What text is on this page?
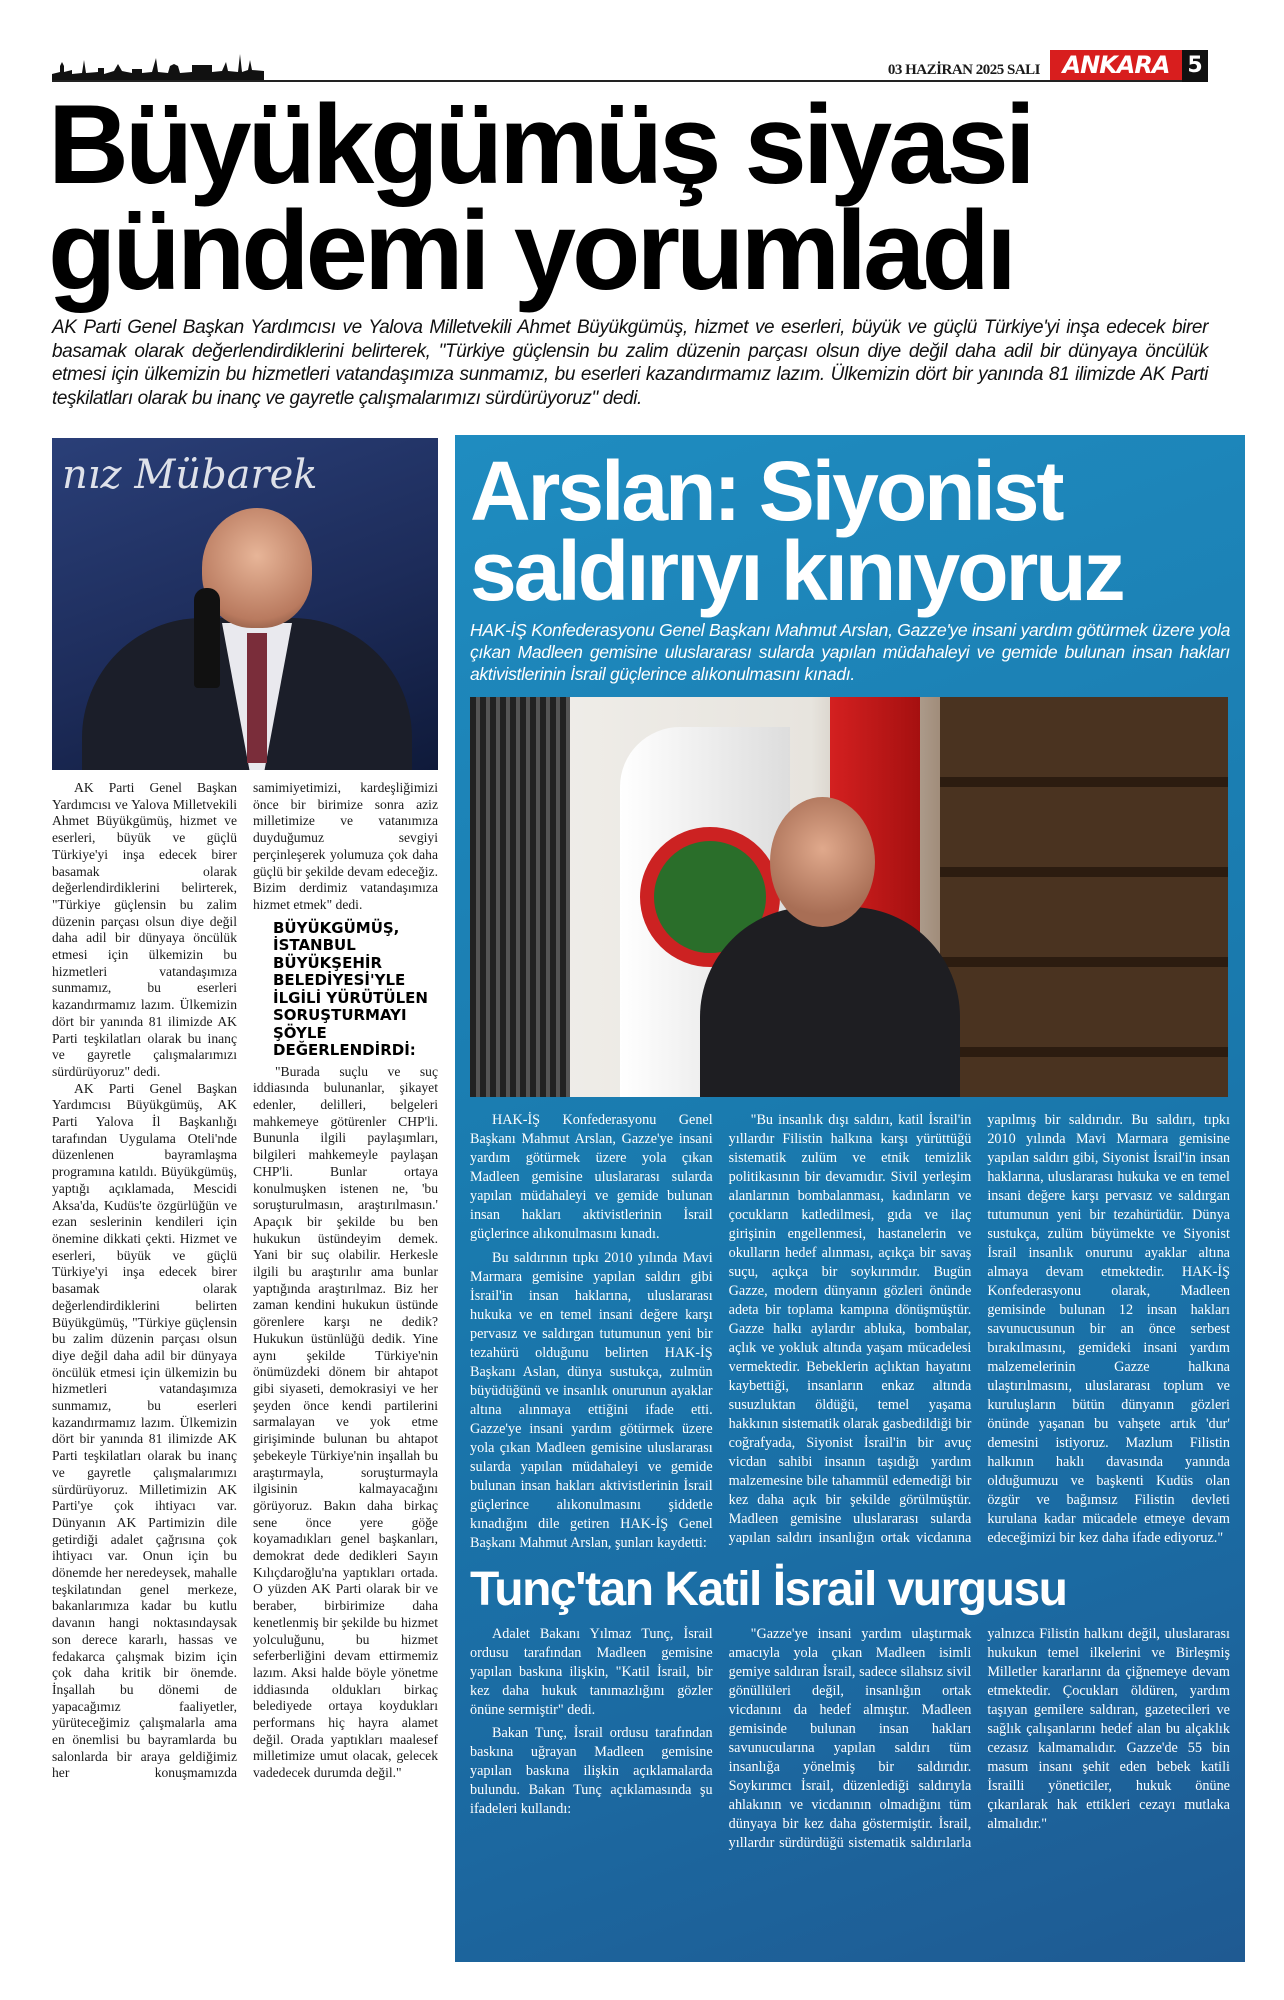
03 HAZİRAN 2025 SALI ANKARA 5
Büyükgümüş siyasi gündemi yorumladı

AK Parti Genel Başkan Yardımcısı ve Yalova Milletvekili Ahmet Büyükgümüş, hizmet ve eserleri, büyük ve güçlü Türkiye'yi inşa edecek birer basamak olarak değerlendirdiklerini belirterek, "Türkiye güçlensin bu zalim düzenin parçası olsun diye değil daha adil bir dünyaya öncülük etmesi için ülkemizin bu hizmetleri vatandaşımıza sunmamız, bu eserleri kazandırmamız lazım. Ülkemizin dört bir yanında 81 ilimizde AK Parti teşkilatları olarak bu inanç ve gayretle çalışmalarımızı sürdürüyoruz" dedi.

nız Mübarek

AK Parti Genel Başkan Yardımcısı ve Yalova Milletvekili Ahmet Büyükgümüş, hizmet ve eserleri, büyük ve güçlü Türkiye'yi inşa edecek birer basamak olarak değerlendirdiklerini belirterek, "Türkiye güçlensin bu zalim düzenin parçası olsun diye değil daha adil bir dünyaya öncülük etmesi için ülkemizin bu hizmetleri vatandaşımıza sunmamız, bu eserleri kazandırmamız lazım. Ülkemizin dört bir yanında 81 ilimizde AK Parti teşkilatları olarak bu inanç ve gayretle çalışmalarımızı sürdürüyoruz" dedi.

AK Parti Genel Başkan Yardımcısı Büyükgümüş, AK Parti Yalova İl Başkanlığı tarafından Uygulama Oteli'nde düzenlenen bayramlaşma programına katıldı. Büyükgümüş, yaptığı açıklamada, Mescidi Aksa'da, Kudüs'te özgürlüğün ve ezan seslerinin kendileri için önemine dikkati çekti. Hizmet ve eserleri, büyük ve güçlü Türkiye'yi inşa edecek birer basamak olarak değerlendirdiklerini belirten Büyükgümüş, "Türkiye güçlensin bu zalim düzenin parçası olsun diye değil daha adil bir dünyaya öncülük etmesi için ülkemizin bu hizmetleri vatandaşımıza sunmamız, bu eserleri kazandırmamız lazım. Ülkemizin dört bir yanında 81 ilimizde AK Parti teşkilatları olarak bu inanç ve gayretle çalışmalarımızı sürdürüyoruz. Milletimizin AK Parti'ye çok ihtiyacı var. Dünyanın AK Partimizin dile getirdiği adalet çağrısına çok ihtiyacı var. Onun için bu dönemde her neredeysek, mahalle teşkilatından genel merkeze, bakanlarımıza kadar bu kutlu davanın hangi noktasındaysak son derece kararlı, hassas ve fedakarca çalışmak bizim için çok daha kritik bir önemde. İnşallah bu dönemi de yapacağımız faaliyetler, yürüteceğimiz çalışmalarla ama en önemlisi bu bayramlarda bu salonlarda bir araya geldiğimiz her konuşmamızda samimiyetimizi, kardeşliğimizi önce bir birimize sonra aziz milletimize ve vatanımıza duyduğumuz sevgiyi perçinleşerek yolumuza çok daha güçlü bir şekilde devam edeceğiz. Bizim derdimiz vatandaşımıza hizmet etmek" dedi.

BÜYÜKGÜMÜŞ, İSTANBUL BÜYÜKŞEHİR BELEDİYESİ'YLE İLGİLİ YÜRÜTÜLEN SORUŞTURMAYI ŞÖYLE DEĞERLENDİRDİ:

"Burada suçlu ve suç iddiasında bulunanlar, şikayet edenler, delilleri, belgeleri mahkemeye götürenler CHP'li. Bununla ilgili paylaşımları, bilgileri mahkemeyle paylaşan CHP'li. Bunlar ortaya konulmuşken istenen ne, 'bu soruşturulmasın, araştırılmasın.' Apaçık bir şekilde bu ben hukukun üstündeyim demek. Yani bir suç olabilir. Herkesle ilgili bu araştırılır ama bunlar yaptığında araştırılmaz. Biz her zaman kendini hukukun üstünde görenlere karşı ne dedik? Hukukun üstünlüğü dedik. Yine aynı şekilde Türkiye'nin önümüzdeki dönem bir ahtapot gibi siyaseti, demokrasiyi ve her şeyden önce kendi partilerini sarmalayan ve yok etme girişiminde bulunan bu ahtapot şebekeyle Türkiye'nin inşallah bu araştırmayla, soruşturmayla ilgisinin kalmayacağını görüyoruz. Bakın daha birkaç sene önce yere göğe koyamadıkları genel başkanları, demokrat dede dedikleri Sayın Kılıçdaroğlu'na yaptıkları ortada. O yüzden AK Parti olarak bir ve beraber, birbirimize daha kenetlenmiş bir şekilde bu hizmet yolculuğunu, bu hizmet seferberliğini devam ettirmemiz lazım. Aksi halde böyle yönetme iddiasında oldukları birkaç belediyede ortaya koydukları performans hiç hayra alamet değil. Orada yaptıkları maalesef milletimize umut olacak, gelecek vadedecek durumda değil."

Arslan: Siyonist saldırıyı kınıyoruz

HAK-İŞ Konfederasyonu Genel Başkanı Mahmut Arslan, Gazze'ye insani yardım götürmek üzere yola çıkan Madleen gemisine uluslararası sularda yapılan müdahaleyi ve gemide bulunan insan hakları aktivistlerinin İsrail güçlerince alıkonulmasını kınadı.

HAK-İŞ Konfederasyonu Genel Başkanı Mahmut Arslan, Gazze'ye insani yardım götürmek üzere yola çıkan Madleen gemisine uluslararası sularda yapılan müdahaleyi ve gemide bulunan insan hakları aktivistlerinin İsrail güçlerince alıkonulmasını kınadı.

Bu saldırının tıpkı 2010 yılında Mavi Marmara gemisine yapılan saldırı gibi İsrail'in insan haklarına, uluslararası hukuka ve en temel insani değere karşı pervasız ve saldırgan tutumunun yeni bir tezahürü olduğunu belirten HAK-İŞ Başkanı Aslan, dünya sustukça, zulmün büyüdüğünü ve insanlık onurunun ayaklar altına alınmaya ettiğini ifade etti. Gazze'ye insani yardım götürmek üzere yola çıkan Madleen gemisine uluslararası sularda yapılan müdahaleyi ve gemide bulunan insan hakları aktivistlerinin İsrail güçlerince alıkonulmasını şiddetle kınadığını dile getiren HAK-İŞ Genel Başkanı Mahmut Arslan, şunları kaydetti:

"Bu insanlık dışı saldırı, katil İsrail'in yıllardır Filistin halkına karşı yürüttüğü sistematik zulüm ve etnik temizlik politikasının bir devamıdır. Sivil yerleşim alanlarının bombalanması, kadınların ve çocukların katledilmesi, gıda ve ilaç girişinin engellenmesi, hastanelerin ve okulların hedef alınması, açıkça bir savaş suçu, açıkça bir soykırımdır. Bugün Gazze, modern dünyanın gözleri önünde adeta bir toplama kampına dönüşmüştür. Gazze halkı aylardır abluka, bombalar, açlık ve yokluk altında yaşam mücadelesi vermektedir. Bebeklerin açlıktan hayatını kaybettiği, insanların enkaz altında susuzluktan öldüğü, temel yaşama hakkının sistematik olarak gasbedildiği bir coğrafyada, Siyonist İsrail'in bir avuç vicdan sahibi insanın taşıdığı yardım malzemesine bile tahammül edemediği bir kez daha açık bir şekilde görülmüştür. Madleen gemisine uluslararası sularda yapılan saldırı insanlığın ortak vicdanına yapılmış bir saldırıdır. Bu saldırı, tıpkı 2010 yılında Mavi Marmara gemisine yapılan saldırı gibi, Siyonist İsrail'in insan haklarına, uluslararası hukuka ve en temel insani değere karşı pervasız ve saldırgan tutumunun yeni bir tezahürüdür. Dünya sustukça, zulüm büyümekte ve Siyonist İsrail insanlık onurunu ayaklar altına almaya devam etmektedir. HAK-İŞ Konfederasyonu olarak, Madleen gemisinde bulunan 12 insan hakları savunucusunun bir an önce serbest bırakılmasını, gemideki insani yardım malzemelerinin Gazze halkına ulaştırılmasını, uluslararası toplum ve kuruluşların bütün dünyanın gözleri önünde yaşanan bu vahşete artık 'dur' demesini istiyoruz. Mazlum Filistin halkının haklı davasında yanında olduğumuzu ve başkenti Kudüs olan özgür ve bağımsız Filistin devleti kurulana kadar mücadele etmeye devam edeceğimizi bir kez daha ifade ediyoruz."

Tunç'tan Katil İsrail vurgusu

Adalet Bakanı Yılmaz Tunç, İsrail ordusu tarafından Madleen gemisine yapılan baskına ilişkin, "Katil İsrail, bir kez daha hukuk tanımazlığını gözler önüne sermiştir" dedi.

Bakan Tunç, İsrail ordusu tarafından baskına uğrayan Madleen gemisine yapılan baskına ilişkin açıklamalarda bulundu. Bakan Tunç açıklamasında şu ifadeleri kullandı:

"Gazze'ye insani yardım ulaştırmak amacıyla yola çıkan Madleen isimli gemiye saldıran İsrail, sadece silahsız sivil gönüllüleri değil, insanlığın ortak vicdanını da hedef almıştır. Madleen gemisinde bulunan insan hakları savunucularına yapılan saldırı tüm insanlığa yönelmiş bir saldırıdır. Soykırımcı İsrail, düzenlediği saldırıyla ahlakının ve vicdanının olmadığını tüm dünyaya bir kez daha göstermiştir. İsrail, yıllardır sürdürdüğü sistematik saldırılarla yalnızca Filistin halkını değil, uluslararası hukukun temel ilkelerini ve Birleşmiş Milletler kararlarını da çiğnemeye devam etmektedir. Çocukları öldüren, yardım taşıyan gemilere saldıran, gazetecileri ve sağlık çalışanlarını hedef alan bu alçaklık cezasız kalmamalıdır. Gazze'de 55 bin masum insanı şehit eden bebek katili İsrailli yöneticiler, hukuk önüne çıkarılarak hak ettikleri cezayı mutlaka almalıdır."
